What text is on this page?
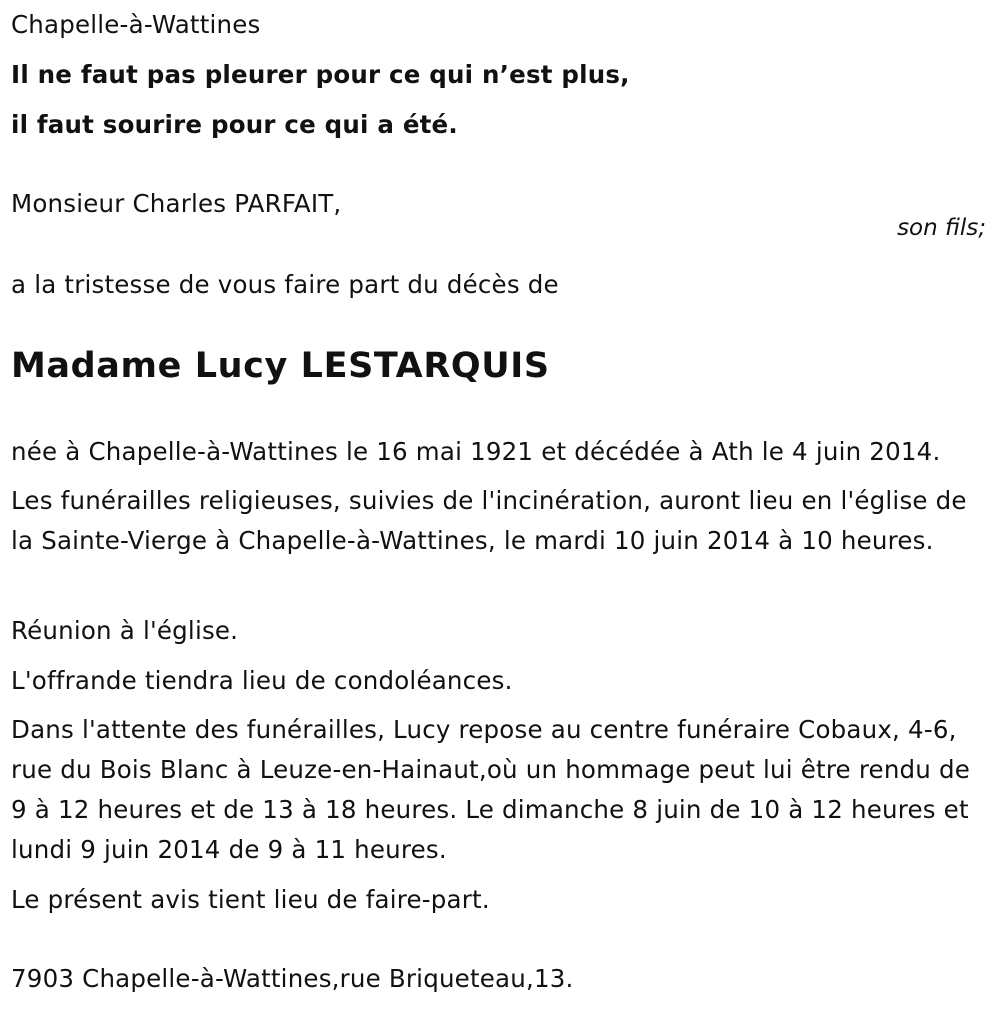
Chapelle-à-Wattines
Il ne faut pas pleurer pour ce qui n’est plus,
il faut sourire pour ce qui a été.
Monsieur Charles PARFAIT,
son fils;
a la tristesse de vous faire part du décès de
Madame Lucy LESTARQUIS
née à Chapelle-à-Wattines le 16 mai 1921 et décédée à Ath le 4 juin 2014.
Les funérailles religieuses, suivies de l'incinération, auront lieu en l'église de la Sainte-Vierge à Chapelle-à-Wattines, le mardi 10 juin 2014 à 10 heures.
Réunion à l'église.
L'offrande tiendra lieu de condoléances.
Dans l'attente des funérailles, Lucy repose au centre funéraire Cobaux, 4-6, rue du Bois Blanc à Leuze-en-Hainaut,où un hommage peut lui être rendu de 9 à 12 heures et de 13 à 18 heures. Le dimanche 8 juin de 10 à 12 heures et lundi 9 juin 2014 de 9 à 11 heures.
Le présent avis tient lieu de faire-part.
7903 Chapelle-à-Wattines,rue Briqueteau,13.
